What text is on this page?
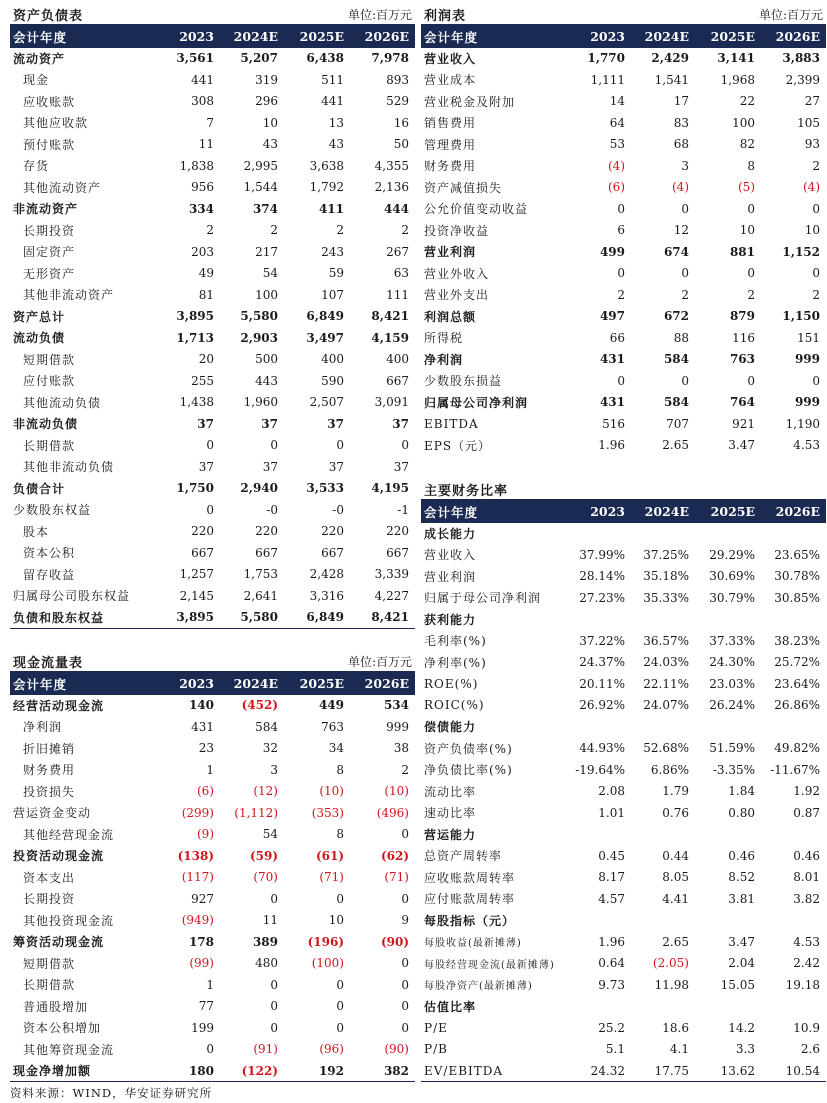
资产负债表	单位:百万元
会计年度	2023	2024E	2025E	2026E
流动资产	3,561	5,207	6,438	7,978
现金	441	319	511	893
应收账款	308	296	441	529
其他应收款	7	10	13	16
预付账款	11	43	43	50
存货	1,838	2,995	3,638	4,355
其他流动资产	956	1,544	1,792	2,136
非流动资产	334	374	411	444
长期投资	2	2	2	2
固定资产	203	217	243	267
无形资产	49	54	59	63
其他非流动资产	81	100	107	111
资产总计	3,895	5,580	6,849	8,421
流动负债	1,713	2,903	3,497	4,159
短期借款	20	500	400	400
应付账款	255	443	590	667
其他流动负债	1,438	1,960	2,507	3,091
非流动负债	37	37	37	37
长期借款	0	0	0	0
其他非流动负债	37	37	37	37
负债合计	1,750	2,940	3,533	4,195
少数股东权益	0	-0	-0	-1
股本	220	220	220	220
资本公积	667	667	667	667
留存收益	1,257	1,753	2,428	3,339
归属母公司股东权益	2,145	2,641	3,316	4,227
负债和股东权益	3,895	5,580	6,849	8,421
现金流量表	单位:百万元
会计年度	2023	2024E	2025E	2026E
经营活动现金流	140	(452)	449	534
净利润	431	584	763	999
折旧摊销	23	32	34	38
财务费用	1	3	8	2
投资损失	(6)	(12)	(10)	(10)
营运资金变动	(299)	(1,112)	(353)	(496)
其他经营现金流	(9)	54	8	0
投资活动现金流	(138)	(59)	(61)	(62)
资本支出	(117)	(70)	(71)	(71)
长期投资	927	0	0	0
其他投资现金流	(949)	11	10	9
筹资活动现金流	178	389	(196)	(90)
短期借款	(99)	480	(100)	0
长期借款	1	0	0	0
普通股增加	77	0	0	0
资本公积增加	199	0	0	0
其他筹资现金流	0	(91)	(96)	(90)
现金净增加额	180	(122)	192	382
利润表	单位:百万元
会计年度	2023	2024E	2025E	2026E
营业收入	1,770	2,429	3,141	3,883
营业成本	1,111	1,541	1,968	2,399
营业税金及附加	14	17	22	27
销售费用	64	83	100	105
管理费用	53	68	82	93
财务费用	(4)	3	8	2
资产减值损失	(6)	(4)	(5)	(4)
公允价值变动收益	0	0	0	0
投资净收益	6	12	10	10
营业利润	499	674	881	1,152
营业外收入	0	0	0	0
营业外支出	2	2	2	2
利润总额	497	672	879	1,150
所得税	66	88	116	151
净利润	431	584	763	999
少数股东损益	0	0	0	0
归属母公司净利润	431	584	764	999
EBITDA	516	707	921	1,190
EPS（元）	1.96	2.65	3.47	4.53
主要财务比率
会计年度	2023	2024E	2025E	2026E
成长能力				
营业收入	37.99%	37.25%	29.29%	23.65%
营业利润	28.14%	35.18%	30.69%	30.78%
归属于母公司净利润	27.23%	35.33%	30.79%	30.85%
获利能力				
毛利率(%)	37.22%	36.57%	37.33%	38.23%
净利率(%)	24.37%	24.03%	24.30%	25.72%
ROE(%)	20.11%	22.11%	23.03%	23.64%
ROIC(%)	26.92%	24.07%	26.24%	26.86%
偿债能力				
资产负债率(%)	44.93%	52.68%	51.59%	49.82%
净负债比率(%)	-19.64%	6.86%	-3.35%	-11.67%
流动比率	2.08	1.79	1.84	1.92
速动比率	1.01	0.76	0.80	0.87
营运能力				
总资产周转率	0.45	0.44	0.46	0.46
应收账款周转率	8.17	8.05	8.52	8.01
应付账款周转率	4.57	4.41	3.81	3.82
每股指标（元）				
每股收益(最新摊薄)	1.96	2.65	3.47	4.53
每股经营现金流(最新摊薄)	0.64	(2.05)	2.04	2.42
每股净资产(最新摊薄)	9.73	11.98	15.05	19.18
估值比率				
P/E	25.2	18.6	14.2	10.9
P/B	5.1	4.1	3.3	2.6
EV/EBITDA	24.32	17.75	13.62	10.54
资料来源：WIND，华安证券研究所
